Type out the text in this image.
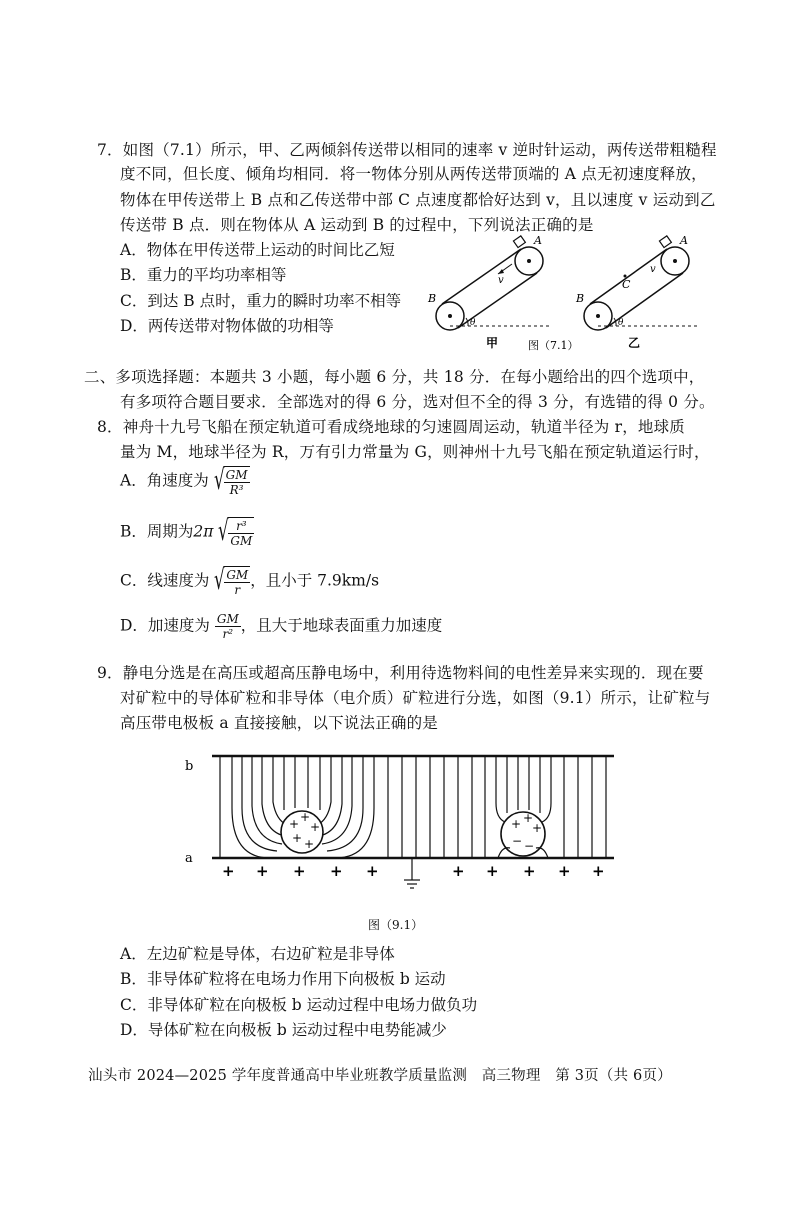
7．如图（7.1）所示，甲、乙两倾斜传送带以相同的速率 v 逆时针运动，两传送带粗糙程
度不同，但长度、倾角均相同．将一物体分别从两传送带顶端的 A 点无初速度释放，
物体在甲传送带上 B 点和乙传送带中部 C 点速度都恰好达到 v，且以速度 v 运动到乙
传送带 B 点．则在物体从 A 运动到 B 的过程中，下列说法正确的是
A．物体在甲传送带上运动的时间比乙短
B．重力的平均功率相等
C．到达 B 点时，重力的瞬时功率不相等
D．两传送带对物体做的功相等
A
B
v
θ
A
B
C
v
θ
甲	图（7.1）	乙
二、多项选择题：本题共 3 小题，每小题 6 分，共 18 分．在每小题给出的四个选项中，
有多项符合题目要求．全部选对的得 6 分，选对但不全的得 3 分，有选错的得 0 分。
8．神舟十九号飞船在预定轨道可看成绕地球的匀速圆周运动，轨道半径为 r，地球质
量为 M，地球半径为 R，万有引力常量为 G，则神州十九号飞船在预定轨道运行时，
A．角速度为 √ $\frac{GM}{\text{R³}}$
B．周期为2π √ $\frac{\text{r³}}{GM}$
C．线速度为 √ $\frac{GM}{r}$ ，且小于 7.9km/s
D．加速度为 $\frac{GM}{\text{r²}}$ ，且大于地球表面重力加速度
9．静电分选是在高压或超高压静电场中，利用待选物料间的电性差异来实现的．现在要
对矿粒中的导体矿粒和非导体（电介质）矿粒进行分选，如图（9.1）所示，让矿粒与
高压带电极板 a 直接接触，以下说法正确的是
b
a
+ +
+
+ +
+ +
+
− −
+ + + + +	+ + + + +
图（9.1）
A．左边矿粒是导体，右边矿粒是非导体
B．非导体矿粒将在电场力作用下向极板 b 运动
C．非导体矿粒在向极板 b 运动过程中电场力做负功
D．导体矿粒在向极板 b 运动过程中电势能减少
汕头市 2024—2025 学年度普通高中毕业班教学质量监测　高三物理　第 3页（共 6页）
